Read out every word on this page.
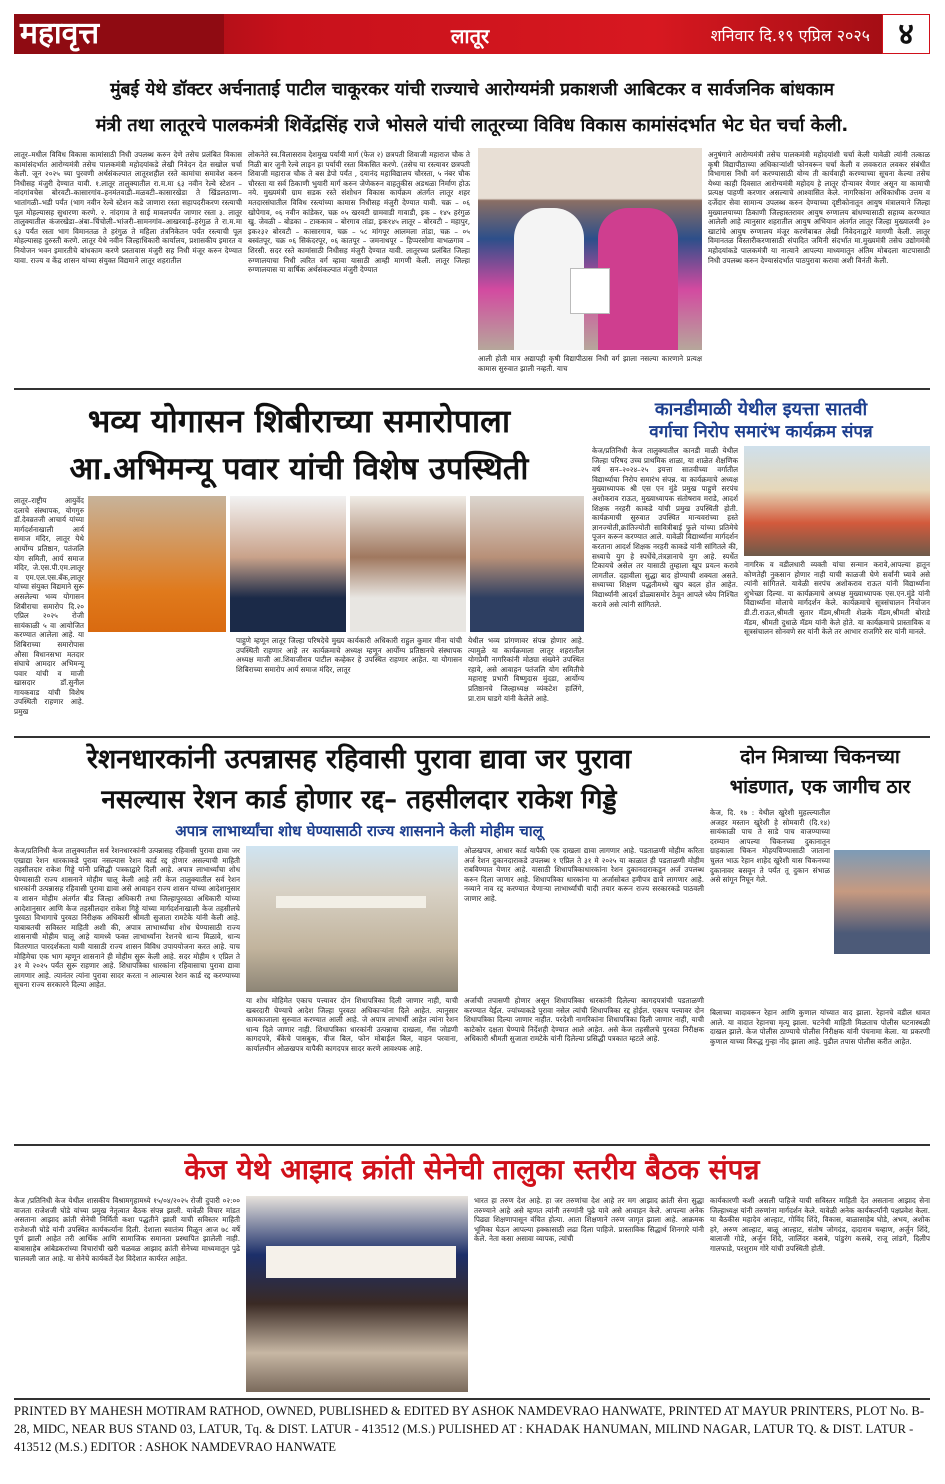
महावृत्त	लातूर	शनिवार दि.१९ एप्रिल २०२५ ४
मुंबई येथे डॉक्टर अर्चनाताई पाटील चाकूरकर यांची राज्याचे आरोग्यमंत्री प्रकाशजी आबिटकर व सार्वजनिक बांधकाम
मंत्री तथा लातूरचे पालकमंत्री शिवेंद्रसिंह राजे भोसले यांची लातूरच्या विविध विकास कामांसंदर्भात भेट घेत चर्चा केली.
लातूर–मधील विविध विकास कामांसाठी निधी उपलब्ध करुन देणे तसेच प्रलंबित विकास कामांसंदर्भात आरोग्यमंत्री तसेच पालकमंत्री महोदयांकडे लेखी निवेदन देत सखोल चर्चा केली. जून २०२५ च्या पुरवणी अर्थसंकल्पात लातूरशहील रस्ते कामांचा समावेश करुन निधीसह मंजुरी देण्यात यावी. १.लातूर तालुक्यातील रा.म.मा ६३ नवीन रेल्वे स्टेशन – नांदगांवचेस बोरवटी–कासारगांव–हनमंतवाडी–मळवटी–कासारखेडा ते खिंडलठाणा–भातांगळी–भडी पर्यंत (भाग नवीन रेल्वे स्टेशन कडे जाणारा रस्ता सहापदरीकरण रस्त्याची पूल मोहल्यासह सुधारणा करणे. २. नांदगाव ते साई मावलपर्यंत जाणार रस्ता ३. लातूर तालुक्यातील कंजरखेडा–अंबा–चिंचोली–भांजरी–सामनगांव–आखरवाई–हरंगुळ ते रा.म.मा ६३ पर्यंत रस्ता भाग विमानतळ ते हरंगुळ ते महिला तंत्रनिकेतन पर्यंत रस्त्याची पूल मोहल्यासह दुरुस्ती करणे. लातूर येथे नवीन जिल्हाधिकारी कार्यालय, प्रशासकीय इमारत व नियोजन भवन इमारतीचे बांधकाम करणे प्रस्तावास मंजुरी सह निधी मंजूर करुन देण्यात यावा. राज्य व केंद्र शासन यांच्या संयुक्त विद्यमाने लातूर शहरातील
लोकनेते स्व.विलासराव देशमुख पर्यायी मार्ग (फेज २) छत्रपती शिवाजी महाराज चौक ते निळी बार जुनी रेल्वे लाइन हा पर्यायी रस्ता विकसित करणे. (तसेच या रस्त्यावर छत्रपती शिवाजी महाराज चौक ते बस डेपो पर्यंत , दयानंद महाविद्यालय चौरस्ता, ५ नंबर चौक चौरस्ता या सर्व ठिकाणी भुयारी मार्ग करुन जेणेकरुन वाहतुकीस अडथळा निर्माण होऊ नये. मुख्यमंत्री ग्राम सडक रस्ते संशोधन विकास कार्यक्रम अंतर्गत लातूर शहर मतदारसंघातील विविध रस्त्यांच्या कामास निधीसह मंजुरी देण्यात यावी. चक्र – ०६ खोपेगाव, ०६ नवीन कांडेकर, चक्र ०५ खरवटी ग्रामवाडी गावाडी, इक – १४५ हरंगुळ खु. जेवळी – बोडका – टाककाव – बोरगाव तांडा, इक१४५ लातूर – बोरवटी – महापुर, इक२३२ बोरवटी – कासारगाव, चक्र – ५८ मांगपूर आलमला तांडा, चक्र – ०५ बस्वंतपूर, चक्र ०६ सिकंदरपूर, ०६ कातपूर – जमनाथपूर – हिप्परसोगा वाभळगाव – शिरसी. सदर रस्ते कामांसाठी निधीसह मंजुरी देण्यात यावी. लातूरच्या प्रलंबित जिल्हा रुग्णालयाचा निधी त्वरित वर्ग व्हावा यासाठी आम्ही मागणी केली. लातूर जिल्हा रुग्णालयास या वार्षिक अर्थसंकल्पात मंजुरी देण्यात
आली होती मात्र अद्यापही कृषी विद्यापीठास निधी वर्ग झाला नसल्या कारणाने प्रत्यक्ष कामास सुरुवात झाली नव्हती. याच
अनुषंगाने आरोग्यमंत्री तसेच पालकमंत्री महोदयांशी चर्चा केली यावेळी त्यांनी तत्काळ कृषी विद्यापीठाच्या अधिकाऱ्यांशी फोनवरून चर्चा केली व लवकरात लवकर संबंधीत विभागास निधी वर्ग करण्यासाठी योग्य ती कार्यवाही करण्याच्या सूचना केल्या तसेच येथ्या काही दिवसात आरोग्यमंत्री महोदय हे लातूर दौऱ्यावर येणार असून या कामाची प्रत्यक्ष पाहणी करणार असल्याचे आश्वासित केले. नागरिकांना अधिकाधीक उत्तम व दर्जेदार सेवा सामान्य उपलब्ध करुन देण्याच्या दृष्टीकोनातून आयुष मंत्रालयाने जिल्हा मुख्यालयाच्या ठिकाणी जिल्हास्तरावर आयुष रुग्णालय बांधण्यासाठी सहाय्य करण्यात आलेली आहे त्यानुसार शहरातील आयुष अभियान अंतर्गत लातूर जिल्हा मुख्यालयी ३० खाटांचे आयुष रुग्णालय मंजूर करणेबाबत लेखी निवेदनाद्वारे मागणी केली. लातूर विमानतळ विस्तारीकरणासाठी संपादित जमिनी संदर्भात मा.मुख्यमंत्री तसेच उद्योगमंत्री महोदयांकडे पालकमंत्री या नात्याने आपल्या माध्यमातून अंतिम मोबदला वाटपासाठी निधी उपलब्ध करुन देण्यासंदर्भात पाठपुरावा करावा अशी विनंती केली.
भव्य योगासन शिबीराच्या समारोपाला
आ.अभिमन्यू पवार यांची विशेष उपस्थिती
लातूर–राष्ट्रीय आयुर्वेद दलाचे संस्थापक, योगगुरु डॉ.देवव्रतजी आचार्य यांच्या मार्गदर्शनाखाली आर्य समाज मंदिर, लातूर येथे आर्योग्य प्रतिष्ठान, पतंजलि योग समिती, आर्य समाज मंदिर, जे.एस.पी.एम.लातूर व एम.एल.एस.बँक,लातूर यांच्या संयुक्त विद्यमाने सुरू असलेल्या भव्य योगासन शिबीराचा समारोप दि.२० एप्रिल २०२५ रोजी सायंकाळी ५ वा आयोजित करण्यात आलेला आहे. या शिबिराच्या समारोपास औसा विधानसभा मतदार संघाचे आमदार अभिमन्यू पवार यांची व माजी खासदार डॉ.सुनील गायकवाड यांची विशेष उपस्थिती राहणार आहे. प्रमुख
पाहुणे म्हणून लातूर जिल्हा परिषदेचे मुख्य कार्यकारी अधिकारी राहुल कुमार मीना यांची उपस्थिती राहणार आहे तर कार्यक्रमाचे अध्यक्ष म्हणून आर्योग्य प्रतिष्ठानचे संस्थापक अध्यक्ष माजी आ.शिवाजीराव पाटील कव्हेकर हे उपस्थित राहणार आहेत. या योगासन शिबिराच्या समारोप आर्य समाज मंदिर, लातूर
येथील भव्य प्रांगणावर संपन्न होणार आहे. त्यामुळे या कार्यक्रमाला लातूर शहरातील योगप्रेमी नागरिकांनी मोठ्या संख्येने उपस्थित रहावे, असे आवाहन पतंजलि योग समितीचे महाराष्ट्र प्रभारी विष्णुदास मुंदडा, आर्योग्य प्रतिष्ठानचे जिल्हाध्यक्ष व्यंकटेश हालिंगे, प्रा.राम घाडगे यांनी केलेले आहे.
कानडीमाळी येथील इयत्ता सातवी
वर्गाचा निरोप समारंभ कार्यक्रम संपन्न
केज/प्रतिनिधी केज तालुक्यातील कानडी माळी येथील जिल्हा परिषद उच्च प्राथमिक शाळा, या शाळेत शैक्षणिक वर्ष सन–२०२४–२५ इयत्ता सातवीच्या वर्गातील विद्यार्थ्याचा निरोप समारंभ संपन्न. या कार्यक्रमाचे अध्यक्ष मुख्याध्यापक श्री एस एन मुंडे प्रमुख पाहुणे सरपंच अशोकराव राऊत, मुख्याध्यापक संतोषराव मराडे, आदर्श शिक्षक नरहरी काकडे यांची प्रमुख उपस्थिती होती. कार्यक्रमाची सुरुवात उपस्थित मान्यवरांच्या हस्ते ज्ञानज्योती,क्रांतिज्योती सावित्रीबाई फुले यांच्या प्रतिमेचे पूजन करून करण्यात आले. यावेळी विद्यार्थ्यांना मार्गदर्शन करताना आदर्श शिक्षक नरहरी काकडे यांनी सांगितले की, सध्याचे युग हे स्पर्धेचे,तंत्रज्ञानाचे युग आहे. स्पर्धेत टिकायचे असेल तर यासाठी तुम्हाला खूप प्रयत्न करावे लागतील. दहावीला सुद्धा बाद होण्याची शक्यता असते. सध्याच्या शिक्षण पद्धतीमध्ये खुप बदल होत आहेत. विद्यार्थ्यांनी आदर्श डोळ्यासमोर ठेवून आपले ध्येय निश्चित करावे असे त्यांनी सांगितले.
नागरिक व वडीलधारी व्यक्ती यांचा सन्मान करावे,आपल्या हातून कोणतेही नुकसान होणार नाही याची काळजी घेणे सर्वांनी घ्यावे असे त्यांनी सांगितले. यावेळी सरपंच अशोकराव राऊत यांनी विद्यार्थ्यांना शुभेच्छा दिल्या. या कार्यक्रमाचे अध्यक्ष मुख्याध्यापक एस.एन.मुंडे यांनी विद्यार्थ्यांना मोलाचे मार्गदर्शन केले. कार्यक्रमाचे सूत्रसंचालन नियोजन डी.टी.राऊत,श्रीमती सुतार मॅडम,श्रीमती शेळके मॅडम,श्रीमती बोराडे मॅडम, श्रीमती दुधाळे मॅडम यांनी केले होते. या कार्यक्रमाचे प्रास्ताविक व सूत्रसंचालन सोनवणे सर यांनी केले तर आभार राजगिरे सर यांनी मानले.
रेशनधारकांनी उत्पन्नासह रहिवासी पुरावा द्यावा जर पुरावा
नसल्यास रेशन कार्ड होणार रद्द– तहसीलदार राकेश गिड्डे
अपात्र लाभार्थ्यांचा शोध घेण्यासाठी राज्य शासनाने केली मोहीम चालू
केज/प्रतिनिधी केज तालुक्यातील सर्व रेशनधारकांनी उत्पन्नासह रहिवासी पुरावा द्यावा जर एखाद्या रेशन धारकाकडे पुरावा नसल्यास रेशन कार्ड रद्द होणार असल्याची माहिती तहसीलदार राकेश गिड्डे यांनी प्रसिद्धी पत्रकाद्वारे दिली आहे. अपात्र लाभार्थ्यांचा शोध घेण्यासाठी राज्य शासनाने मोहीम चालू केली आहे तरी केज तालुक्यातील सर्व रेशन धारकांनी उत्पन्नासह रहिवासी पुरावा द्यावा असे आवाहन राज्य शासन यांच्या आदेशानुसार व शासन मोहीम अंतर्गत बीड जिल्हा अधिकारी तथा जिल्हापुरवठा अधिकारी यांच्या आदेशानुसार आणि केज तहसीलदार राकेश गिड्डे यांच्या मार्गदर्शनाखाली केज तहसीलचे पुरवठा विभागाचे पुरवठा निरीक्षक अधिकारी श्रीमती सुजाता रामटेके यांनी केली आहे. याबाबतची सविस्तर माहिती अशी की, अपात्र लाभार्थ्यांचा शोध घेण्यासाठी राज्य शासनाची मोहीम चालू आहे यामध्ये फक्त लाभार्थ्यांना रेशनचे धान्य मिळावे, धान्य वितरणात पारदर्शकता यावी यासाठी राज्य शासन विविध उपाययोजना करत आहे. याच मोहिमेचा एक भाग म्हणून शासनाने ही मोहीम सुरू केली आहे. सदर मोहीम १ एप्रिल ते ३१ मे २०२५ पर्यंत सुरू राहणार आहे. शिधापत्रिका धारकांना रहिवासाचा पुरावा द्यावा लागणार आहे. त्यानंतर त्यांना पुरावा सादर करता न आल्यास रेशन कार्ड रद्द करण्याच्या सूचना राज्य सरकारने दिल्या आहेत.
ओळखपत्र, आधार कार्ड यापैकी एक दाखला द्यावा लागणार आहे. पडताळणी मोहीम करिता अर्ज रेशन दुकानदाराकडे उपलब्ध १ एप्रिल ते ३१ मे २०२५ या काळात ही पडताळणी मोहीम राबविण्यात येणार आहे. यासाठी शिधापत्रिकाधारकांना रेशन दुकानदाराकडून अर्ज उपलब्ध करुन दिला जाणार आहे. शिधापत्रिका धारकांना या अर्जासोबत हमीपत्र द्यावे लागणार आहे. नव्याने नाव रद्द करण्यात येणाऱ्या लाभार्थ्यांची यादी तयार करून राज्य सरकारकडे पाठवली जाणार आहे.
या शोध मोहिमेत एकाच पत्त्यावर दोन शिधापत्रिका दिली जाणार नाही, याची खबरदारी घेण्याचे आदेश जिल्हा पुरवठा अधिकाऱ्यांना दिले आहेत. त्यानुसार कामकाजाला सुरुवात करण्यात आली आहे. जे अपात्र लाभार्थी आहेत त्यांना रेशन धान्य दिले जाणार नाही. शिधापत्रिका धारकांनी उत्पन्नाचा दाखला, गॅस जोडणी कागदपत्रे, बँकेचे पासबुक, वीज बिल, फोन मोबाईल बिल, वाहन परवाना, कार्यालयीन ओळखपत्र यापैकी कागदपत्र सादर करणे आवश्यक आहे.
अर्जाची तपासणी होणार असून शिधापत्रिका धारकांनी दिलेल्या कागदपत्रांची पडताळणी करण्यात येईल. ज्यांच्याकडे पुरावा नसेल त्यांची शिधापत्रिका रद्द होईल. एकाच पत्त्यावर दोन शिधापत्रिका दिल्या जाणार नाहीत. परदेशी नागरिकांना शिधापत्रिका दिली जाणार नाही, याची काटेकोर दक्षता घेण्याचे निर्देशही देण्यात आले आहेत. असे केज तहसीलचे पुरवठा निरीक्षक अधिकारी श्रीमती सुजाता रामटेके यांनी दिलेल्या प्रसिद्धी पत्रकात म्हटले आहे.
दोन मित्राच्या चिकनच्या
भांडणात, एक जागीच ठार
केज, दि. १७ : येथील खुरेशी मुहल्ल्यातील अजहर मस्तान खुरेशी हे सोमवारी (दि.१४) सायंकाळी पाच ते साडे पाच वाजण्याच्या दरम्यान आपल्या चिकनच्या दुकानातून ग्राहकाला चिकन मोहयचिण्यासाठी जाताना चुलत भाऊ रेहान शाहेद खुरेशी यास चिकनच्या दुकानावर बसवून ते पर्यंत तू दुकान संभाळ असे सांगून निघून गेले.
बिलाच्या वादावरून रेहान आणि कुणाल यांच्यात वाद झाला. रेहानचे वडील धावत आले. या वादात रेहानचा मृत्यू झाला. घटनेची माहिती मिळताच पोलीस घटनास्थळी दाखल झाले. केज पोलीस ठाण्याचे पोलीस निरीक्षक यांनी पंचनामा केला. या प्रकरणी कुणाल याच्या विरुद्ध गुन्हा नोंद झाला आहे. पुढील तपास पोलीस करीत आहेत.
केज येथे आझाद क्रांती सेनेची तालुका स्तरीय बैठक संपन्न
केज /प्रतिनिधी केज येथील शासकीय विश्रामगृहामध्ये १५/०४/२०२५ रोजी दुपारी ०२:०० वाजता राजेशजी घोडे यांच्या प्रमुख नेतृत्वात बैठक संपन्न झाली. यावेळी विचार मांडत असताना आझाद क्रांती सेनेची निर्मिती कशा पद्धतीने झाली याची सविस्तर माहिती राजेशजी घोडे यांनी उपस्थित कार्यकर्त्यांना दिली. देशाला स्वातंत्र्य मिळून आज ७८ वर्षे पूर्ण झाली आहेत तरी आर्थिक आणि सामाजिक समानता प्रस्थापित झालेली नाही. बाबासाहेब आंबेडकरांच्या विचारांची खरी चळवळ आझाद क्रांती सेनेच्या माध्यमातून पुढे चालवली जात आहे. या सेनेचे कार्यकर्ते देश विदेशात कार्यरत आहेत.
भारत हा तरुण देश आहे. हा जर तरुणांचा देश आहे तर मग आझाद क्रांती सेना सुद्धा तरुण्याने आहे असे म्हणत त्यांनी तरुणांनी पुढे यावे असे आवाहन केले. आपल्या अनेक पिढ्या शिक्षणापासून वंचित होत्या. आता शिक्षणाने तरुण जागृत झाला आहे. आक्रमक भूमिका घेऊन आपल्या हक्कासाठी लढा दिला पाहिजे. प्रास्ताविक सिद्धार्थ शिनगारे यांनी केले. नेता कसा असावा व्यापक, त्यांची
कार्यकारणी कशी असली पाहिजे याची सविस्तर माहिती देत असताना आझाद सेना जिल्हाध्यक्ष यांनी तरुणांना मार्गदर्शन केले. यावेळी अनेक कार्यकर्त्यांनी पक्षप्रवेश केला. या बैठकीस महादेव आल्हाट, गोविंद शिंदे, विकास, बाळासाहेब घोडे, अभय, अशोक हरे, अरुण आल्हाट, बाळू आल्हाट, संतोष जोगदंड, दादाराव चव्हाण, अर्जुन शिंदे, बालाजी गोडे, अर्जुन शिंदे, जालिंदर कसबे, पांडुरंग कसबे, राजू लांडगे, दिलीप गालफाडे, परशुराम गोरे यांची उपस्थिती होती.
PRINTED BY MAHESH MOTIRAM RATHOD, OWNED, PUBLISHED & EDITED BY ASHOK NAMDEVRAO HANWATE, PRINTED AT MAYUR PRINTERS, PLOT No. B-28, MIDC, NEAR BUS STAND 03, LATUR, Tq. & DIST. LATUR - 413512 (M.S.) PULISHED AT : KHADAK HANUMAN, MILIND NAGAR, LATUR TQ. & DIST. LATUR - 413512 (M.S.) EDITOR : ASHOK NAMDEVRAO HANWATE
